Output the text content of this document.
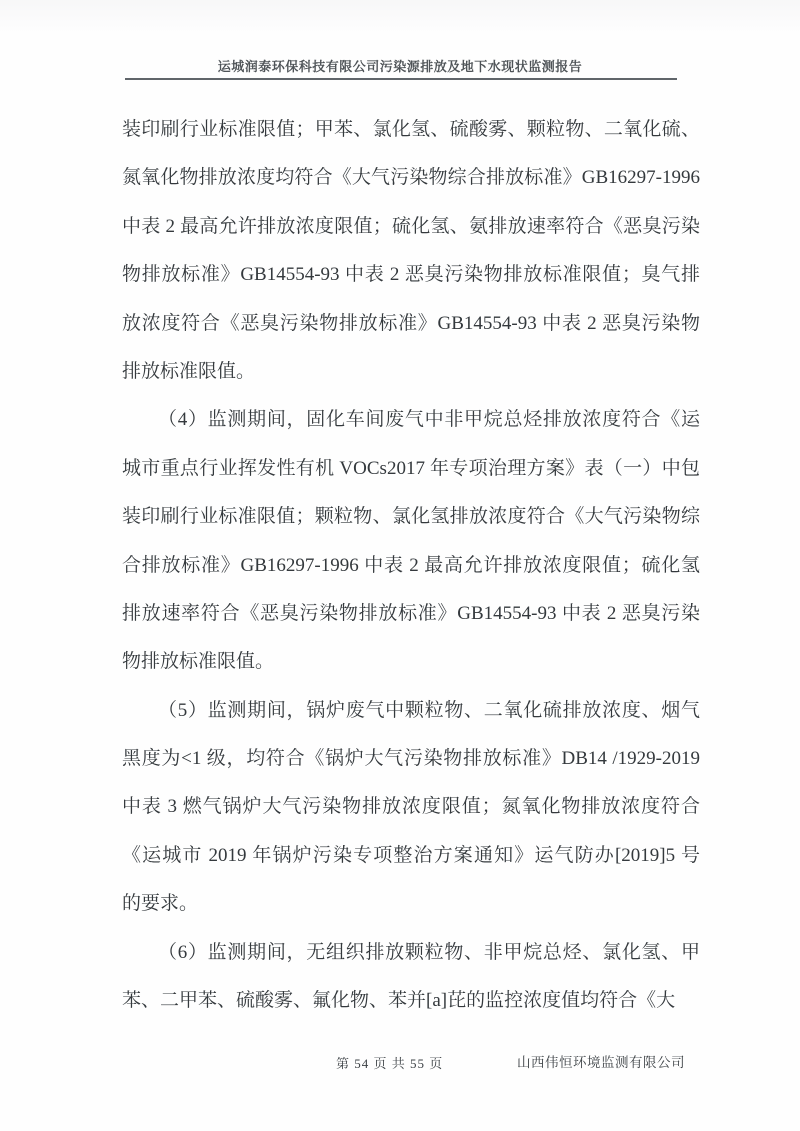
运城润泰环保科技有限公司污染源排放及地下水现状监测报告
装印刷行业标准限值；甲苯、氯化氢、硫酸雾、颗粒物、二氧化硫、
氮氧化物排放浓度均符合《大气污染物综合排放标准》GB16297-1996
中表 2 最高允许排放浓度限值；硫化氢、氨排放速率符合《恶臭污染
物排放标准》GB14554-93 中表 2 恶臭污染物排放标准限值；臭气排
放浓度符合《恶臭污染物排放标准》GB14554-93 中表 2 恶臭污染物
排放标准限值。
（4）监测期间，固化车间废气中非甲烷总烃排放浓度符合《运
城市重点行业挥发性有机 VOCs2017 年专项治理方案》表（一）中包
装印刷行业标准限值；颗粒物、氯化氢排放浓度符合《大气污染物综
合排放标准》GB16297-1996 中表 2 最高允许排放浓度限值；硫化氢
排放速率符合《恶臭污染物排放标准》GB14554-93 中表 2 恶臭污染
物排放标准限值。
（5）监测期间，锅炉废气中颗粒物、二氧化硫排放浓度、烟气
黑度为<1 级，均符合《锅炉大气污染物排放标准》DB14 /1929-2019
中表 3 燃气锅炉大气污染物排放浓度限值；氮氧化物排放浓度符合
《运城市 2019 年锅炉污染专项整治方案通知》运气防办[2019]5 号
的要求。
（6）监测期间，无组织排放颗粒物、非甲烷总烃、氯化氢、甲
苯、二甲苯、硫酸雾、氟化物、苯并[a]芘的监控浓度值均符合《大
第 54 页 共 55 页	山西伟恒环境监测有限公司
